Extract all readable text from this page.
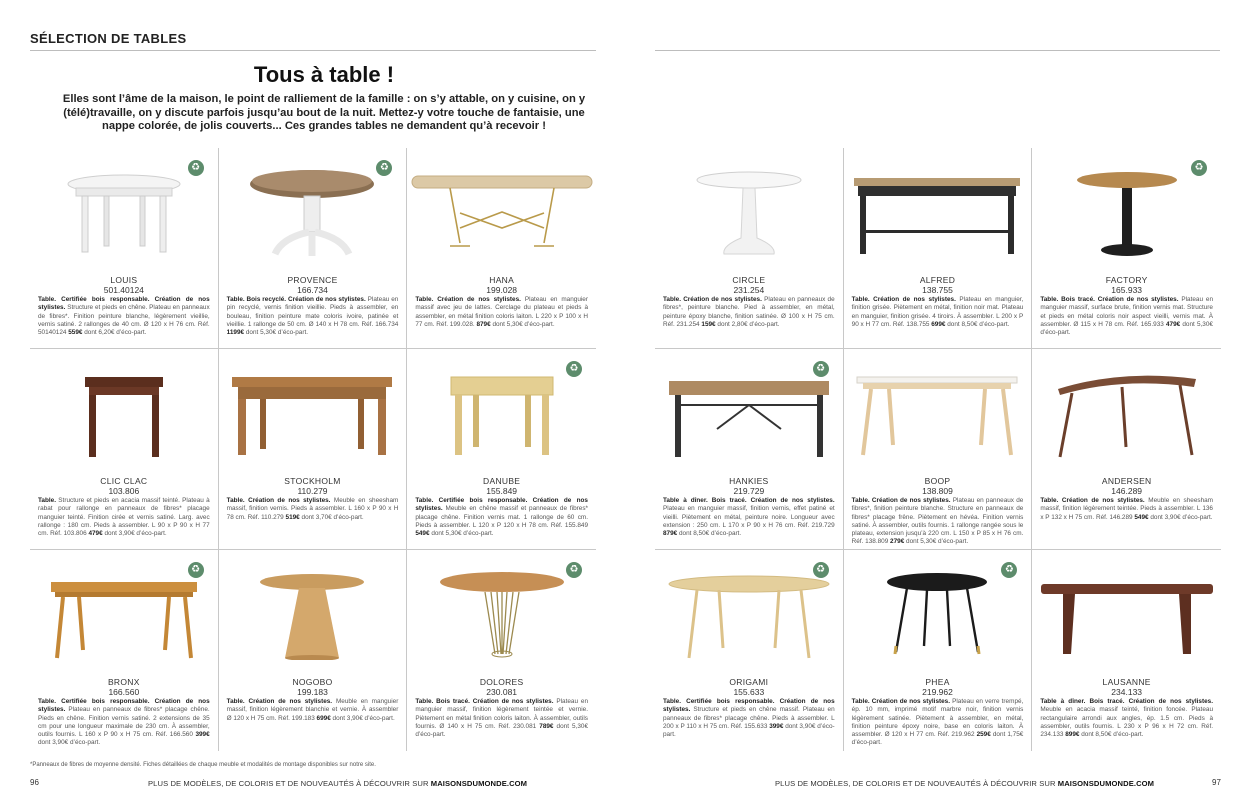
SÉLECTION DE TABLES
Tous à table !
Elles sont l’âme de la maison, le point de ralliement de la famille : on s’y attable, on y cuisine, on y (télé)travaille, on y discute parfois jusqu’au bout de la nuit. Mettez-y votre touche de fantaisie, une nappe colorée, de jolis couverts... Ces grandes tables ne demandent qu’à recevoir !
♻
LOUIS
501.40124
Table. Certifiée bois responsable. Création de nos stylistes. Structure et pieds en chêne. Plateau en panneaux de fibres*. Finition peinture blanche, légèrement vieillie, vernis satiné. 2 rallonges de 40 cm. Ø 120 x H 76 cm. Réf. 50140124 559€ dont 6,20€ d’éco-part.
♻
PROVENCE
166.734
Table. Bois recyclé. Création de nos stylistes. Plateau en pin recyclé, vernis finition vieillie. Pieds à assembler, en bouleau, finition peinture mate coloris ivoire, patinée et vieillie. 1 rallonge de 50 cm. Ø 140 x H 78 cm. Réf. 166.734 1199€ dont 5,30€ d’éco-part.
HANA
199.028
Table. Création de nos stylistes. Plateau en manguier massif avec jeu de lattes. Cerclage du plateau et pieds à assembler, en métal finition coloris laiton. L 220 x P 100 x H 77 cm. Réf. 199.028. 879€ dont 5,30€ d’éco-part.
CLIC CLAC
103.806
Table. Structure et pieds en acacia massif teinté. Plateau à rabat pour rallonge en panneaux de fibres* placage manguier teinté. Finition cirée et vernis satiné. Larg. avec rallonge : 180 cm. Pieds à assembler. L 90 x P 90 x H 77 cm. Réf. 103.806 479€ dont 3,90€ d’éco-part.
STOCKHOLM
110.279
Table. Création de nos stylistes. Meuble en sheesham massif, finition vernis. Pieds à assembler. L 160 x P 90 x H 78 cm. Réf. 110.279 519€ dont 3,70€ d’éco-part.
♻
DANUBE
155.849
Table. Certifiée bois responsable. Création de nos stylistes. Meuble en chêne massif et panneaux de fibres* placage chêne. Finition vernis mat. 1 rallonge de 60 cm. Pieds à assembler. L 120 x P 120 x H 78 cm. Réf. 155.849 549€ dont 5,30€ d’éco-part.
♻
BRONX
166.560
Table. Certifiée bois responsable. Création de nos stylistes. Plateau en panneaux de fibres* placage chêne. Pieds en chêne. Finition vernis satiné. 2 extensions de 35 cm pour une longueur maximale de 230 cm. À assembler, outils fournis. L 160 x P 90 x H 75 cm. Réf. 166.560 399€ dont 3,90€ d’éco-part.
NOGOBO
199.183
Table. Création de nos stylistes. Meuble en manguier massif, finition légèrement blanchie et vernie. À assembler Ø 120 x H 75 cm. Réf. 199.183 699€ dont 3,90€ d’éco-part.
♻
DOLORES
230.081
Table. Bois tracé. Création de nos stylistes. Plateau en manguier massif, finition légèrement teintée et vernie. Piètement en métal finition coloris laiton. À assembler, outils fournis. Ø 140 x H 75 cm. Réf. 230.081 789€ dont 5,30€ d’éco-part.
CIRCLE
231.254
Table. Création de nos stylistes. Plateau en panneaux de fibres*, peinture blanche. Pied à assembler, en métal, peinture époxy blanche, finition satinée. Ø 100 x H 75 cm. Réf. 231.254 159€ dont 2,80€ d’éco-part.
ALFRED
138.755
Table. Création de nos stylistes. Plateau en manguier, finition grisée. Piètement en métal, finition noir mat. Plateau en manguier, finition grisée. 4 tiroirs. À assembler. L 200 x P 90 x H 77 cm. Réf. 138.755 699€ dont 8,50€ d’éco-part.
♻
FACTORY
165.933
Table. Bois tracé. Création de nos stylistes. Plateau en manguier massif, surface brute, finition vernis mat. Structure et pieds en métal coloris noir aspect vieilli, vernis mat. À assembler. Ø 115 x H 78 cm. Réf. 165.933 479€ dont 5,30€ d’éco-part.
♻
HANKIES
219.729
Table à dîner. Bois tracé. Création de nos stylistes. Plateau en manguier massif, finition vernis, effet patiné et vieilli. Piètement en métal, peinture noire. Longueur avec extension : 250 cm. L 170 x P 90 x H 76 cm. Réf. 219.729 879€ dont 8,50€ d’éco-part.
BOOP
138.809
Table. Création de nos stylistes. Plateau en panneaux de fibres*, finition peinture blanche. Structure en panneaux de fibres* placage frêne. Piètement en hévéa. Finition vernis satiné. À assembler, outils fournis. 1 rallonge rangée sous le plateau, extension jusqu’à 220 cm. L 150 x P 85 x H 76 cm. Réf. 138.809 279€ dont 5,30€ d’éco-part.
ANDERSEN
146.289
Table. Création de nos stylistes. Meuble en sheesham massif, finition légèrement teintée. Pieds à assembler. L 136 x P 132 x H 75 cm. Réf. 146.289 549€ dont 3,90€ d’éco-part.
♻
ORIGAMI
155.633
Table. Certifiée bois responsable. Création de nos stylistes. Structure et pieds en chêne massif. Plateau en panneaux de fibres* placage chêne. Pieds à assembler. L 200 x P 110 x H 75 cm. Réf. 155.633 399€ dont 3,90€ d’éco-part.
♻
PHEA
219.962
Table. Création de nos stylistes. Plateau en verre trempé, ép. 10 mm, imprimé motif marbre noir, finition vernis légèrement satinée. Piètement à assembler, en métal, finition peinture époxy noire, base en coloris laiton. À assembler. Ø 120 x H 77 cm. Réf. 219.962 259€ dont 1,75€ d’éco-part.
LAUSANNE
234.133
Table à dîner. Bois tracé. Création de nos stylistes. Meuble en acacia massif teinté, finition foncée. Plateau rectangulaire arrondi aux angles, ép. 1.5 cm. Pieds à assembler, outils fournis. L 230 x P 96 x H 72 cm. Réf. 234.133 899€ dont 8,50€ d’éco-part.
*Panneaux de fibres de moyenne densité. Fiches détaillées de chaque meuble et modalités de montage disponibles sur notre site.
96	PLUS DE MODÈLES, DE COLORIS ET DE NOUVEAUTÉS À DÉCOUVRIR SUR MAISONSDUMONDE.COM	PLUS DE MODÈLES, DE COLORIS ET DE NOUVEAUTÉS À DÉCOUVRIR SUR MAISONSDUMONDE.COM	97
